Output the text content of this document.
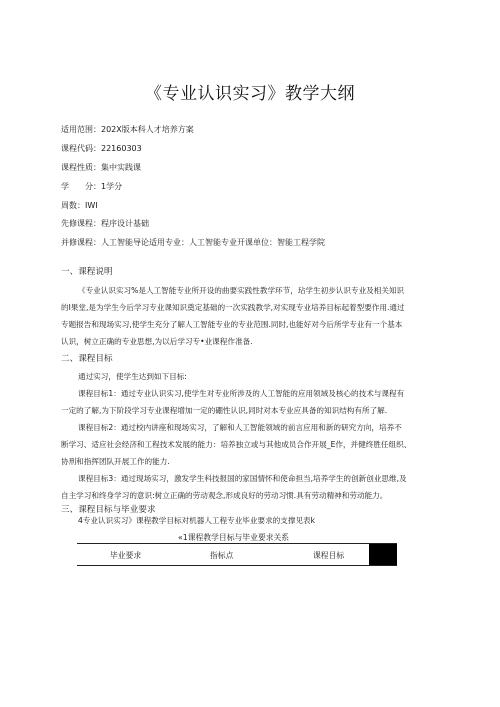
《专业认识实习》教学大纲
适用范围：202X版本科人才培养方案
课程代码：22160303
课程性质：集中实践课
学　　分：1学分
周数：IWI
先修课程：程序设计基础
并修课程：人工智能导论适用专业：人工智能专业开课单位：智能工程学院
一、课程说明
《专业认识实习%是人工智能专业所开设的曲要实践性教学环节，玷学生初步认识专业及相关知识
的I果堂,是为学生今后学习专业课知识奠定基础的一次实践教学,对实现专业培养目标起着型要作用.通过
专题报告和现场实习,使学生充分了解人工智能专业的专业范围.同时,也能好对今后所学专业有一个基本
认识，树立正确的专业思想,为以后学习专•业课程作准备.
二、课程目标
通过实习，使学生达到如下目标:
课程目标1：通过专业认识实习,使学生对专业所涉及的人工智能的应用领域及核心的技术与课程有
一定的了解,为下阶段学习专业课程增加一定的硼性认识,同时对本专业应具备的知识结构有所了解.
课程目标2：通过校内讲座和现场实习，了解和人工智能领域的前言应用和新的研究方向，培养不
断学习、适应社会经济和工程技术发展的能力：培养独立或与其他成员合作开展_E作，并健终胜任组织、
协刑和指挥团队开展工作的能力.
课程目标3：通过现场实习，激发学生科技报国的家国情怀和使命担当,培养学生的创新创业思维,及
自主学习和终身学习的意识:树立正确的劳动观念,形成良好的劳动习惯.具有劳动精神和劳动能力。
三、课程目标与毕业要求
4专业认识实习》课程教学目标对机器人工程专业毕业要求的支撑见表k
«1课程教学目标与毕业要求关系
毕业要求	指标点	课程目标
